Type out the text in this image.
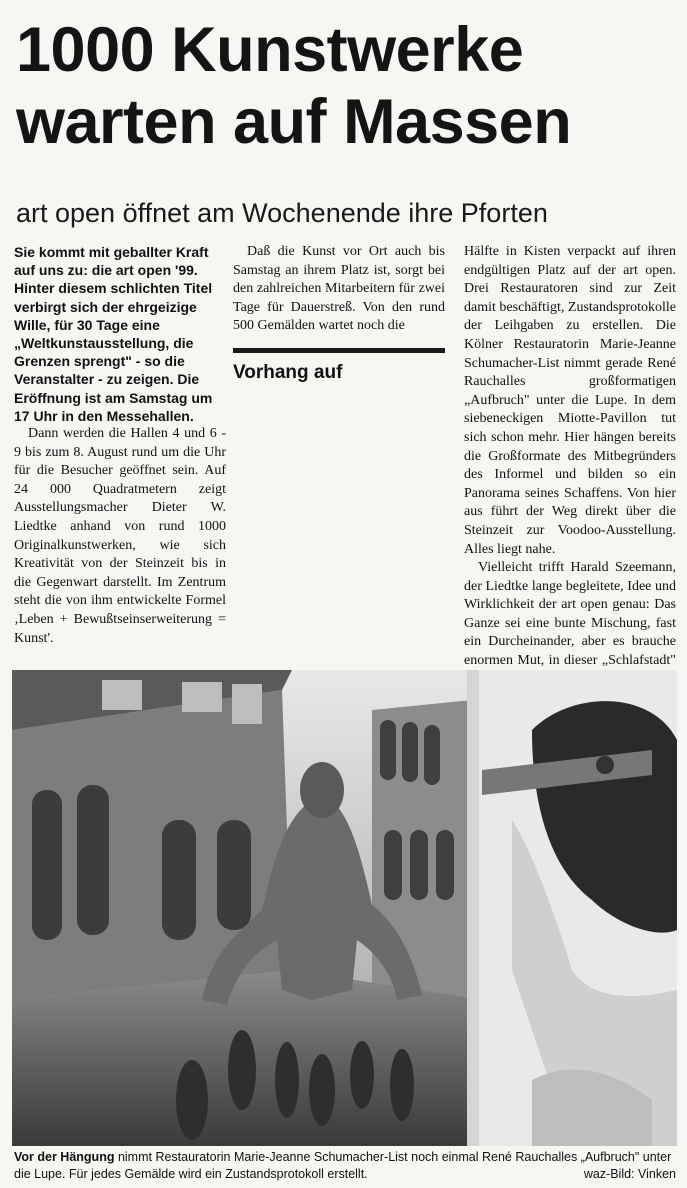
1000 Kunstwerke
warten auf Massen
art open öffnet am Wochenende ihre Pforten

Sie kommt mit geballter Kraft auf uns zu: die art open '99. Hinter diesem schlichten Titel verbirgt sich der ehrgeizige Wille, für 30 Tage eine „Weltkunstausstellung, die Grenzen sprengt" - so die Veranstalter - zu zeigen. Die Eröffnung ist am Samstag um 17 Uhr in den Messehallen.

Dann werden die Hallen 4 und 6 - 9 bis zum 8. August rund um die Uhr für die Besucher geöffnet sein. Auf 24 000 Quadratmetern zeigt Ausstellungsmacher Dieter W. Liedtke anhand von rund 1000 Originalkunstwerken, wie sich Kreativität von der Steinzeit bis in die Gegenwart darstellt. Im Zentrum steht die von ihm entwickelte Formel ‚Leben + Bewußtseinserweiterung = Kunst'.

Daß die Kunst vor Ort auch bis Samstag an ihrem Platz ist, sorgt bei den zahlreichen Mitarbeitern für zwei Tage für Dauerstreß. Von den rund 500 Gemälden wartet noch die

Vorhang auf

Hälfte in Kisten verpackt auf ihren endgültigen Platz auf der art open. Drei Restauratoren sind zur Zeit damit beschäftigt, Zustandsprotokolle der Leihgaben zu erstellen. Die Kölner Restauratorin Marie-Jeanne Schumacher-List nimmt gerade René Rauchalles großformatigen „Aufbruch" unter die Lupe. In dem siebeneckigen Miotte-Pavillon tut sich schon mehr. Hier hängen bereits die Großformate des Mitbegründers des Informel und bilden so ein Panorama seines Schaffens. Von hier aus führt der Weg direkt über die Steinzeit zur Voodoo-Ausstellung. Alles liegt nahe.

Vielleicht trifft Harald Szeemann, der Liedtke lange begleitete, Idee und Wirklichkeit der art open genau: Das Ganze sei eine bunte Mischung, fast ein Durcheinander, aber es brauche enormen Mut, in dieser „Schlafstadt"

Vor der Hängung nimmt Restauratorin Marie-Jeanne Schumacher-List noch einmal René Rauchalles „Aufbruch" unter die Lupe. Für jedes Gemälde wird ein Zustandsprotokoll erstellt.	waz-Bild: Vinken
